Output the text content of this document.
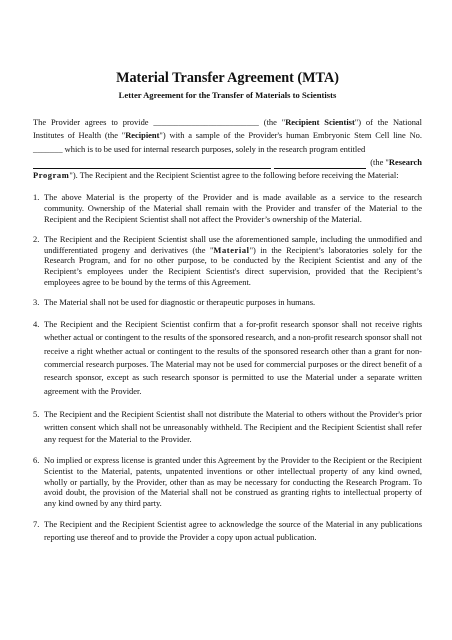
Material Transfer Agreement (MTA)
Letter Agreement for the Transfer of Materials to Scientists
The Provider agrees to provide _________________________ (the "Recipient Scientist") of the National Institutes of Health (the "Recipient") with a sample of the Provider's human Embryonic Stem Cell line No. _______ which is to be used for internal research purposes, solely in the research program entitled
(the " Research
Program"). The Recipient and the Recipient Scientist agree to the following before receiving the Material:
1. The above Material is the property of the Provider and is made available as a service to the research community. Ownership of the Material shall remain with the Provider and transfer of the Material to the Recipient and the Recipient Scientist shall not affect the Provider’s ownership of the Material.
2. The Recipient and the Recipient Scientist shall use the aforementioned sample, including the unmodified and undifferentiated progeny and derivatives (the "Material") in the Recipient’s laboratories solely for the Research Program, and for no other purpose, to be conducted by the Recipient Scientist and any of the Recipient’s employees under the Recipient Scientist's direct supervision, provided that the Recipient’s employees agree to be bound by the terms of this Agreement.
3. The Material shall not be used for diagnostic or therapeutic purposes in humans.
4. The Recipient and the Recipient Scientist confirm that a for-profit research sponsor shall not receive rights whether actual or contingent to the results of the sponsored research, and a non-profit research sponsor shall not receive a right whether actual or contingent to the results of the sponsored research other than a grant for non-commercial research purposes. The Material may not be used for commercial purposes or the direct benefit of a research sponsor, except as such research sponsor is permitted to use the Material under a separate written agreement with the Provider.
5. The Recipient and the Recipient Scientist shall not distribute the Material to others without the Provider's prior written consent which shall not be unreasonably withheld. The Recipient and the Recipient Scientist shall refer any request for the Material to the Provider.
6. No implied or express license is granted under this Agreement by the Provider to the Recipient or the Recipient Scientist to the Material, patents, unpatented inventions or other intellectual property of any kind owned, wholly or partially, by the Provider, other than as may be necessary for conducting the Research Program. To avoid doubt, the provision of the Material shall not be construed as granting rights to intellectual property of any kind owned by any third party.
7. The Recipient and the Recipient Scientist agree to acknowledge the source of the Material in any publications reporting use thereof and to provide the Provider a copy upon actual publication.
